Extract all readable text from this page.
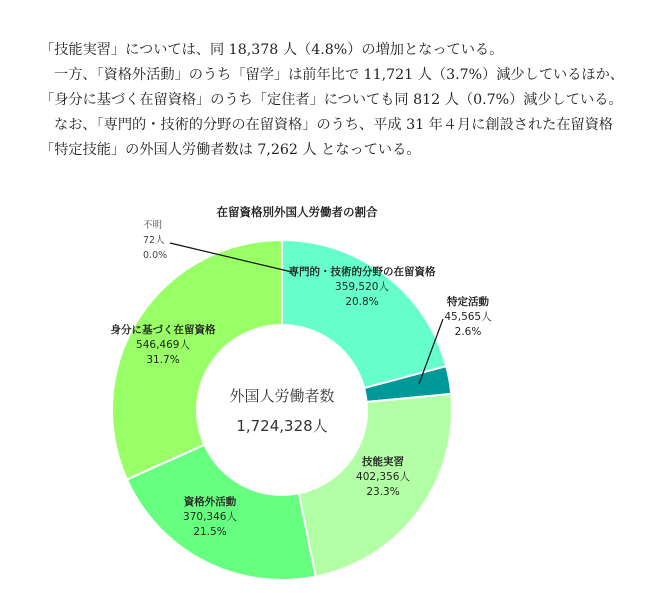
「技能実習」については、同 18,378 人（4.8%）の増加となっている。

一方、「資格外活動」のうち「留学」は前年比で 11,721 人（3.7%）減少しているほか、「身分に基づく在留資格」のうち「定住者」についても同 812 人（0.7%）減少している。

なお、「専門的・技術的分野の在留資格」のうち、平成 31 年４月に創設された在留資格「特定技能」の外国人労働者数は 7,262 人 となっている。

在留資格別外国人労働者の割合
専門的・技術的分野の在留資格
359,520人
20.8%	特定活動
45,565人
2.6%
技能実習
402,356人
23.3%
資格外活動
370,346人
21.5%
身分に基づく在留資格
546,469人
31.7%
不明
72人
0.0%
外国人労働者数
1,724,328人
